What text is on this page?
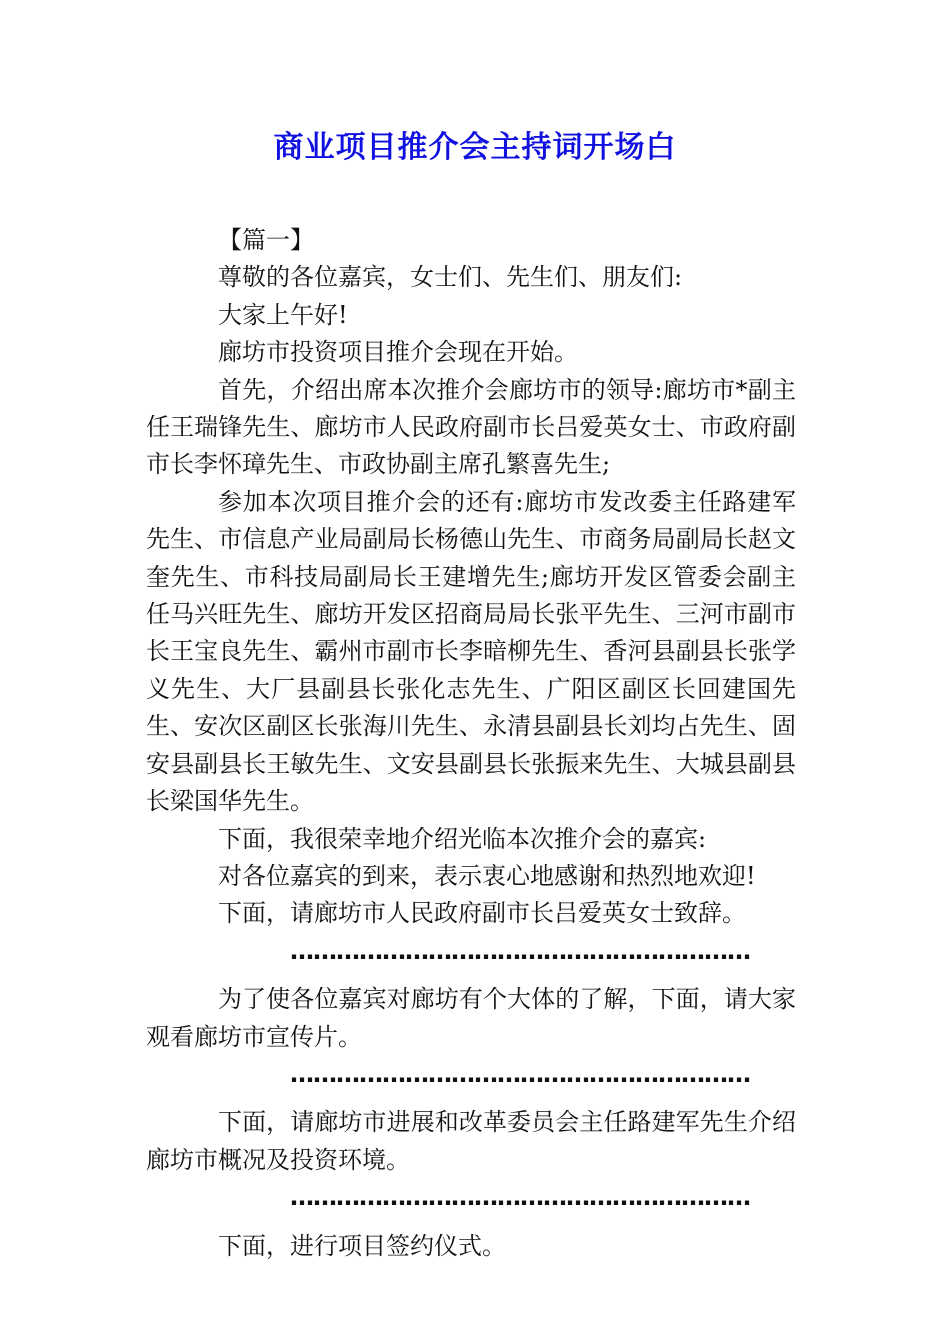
商业项目推介会主持词开场白

【篇一】

尊敬的各位嘉宾，女士们、先生们、朋友们:

大家上午好!

廊坊市投资项目推介会现在开始。

首先，介绍出席本次推介会廊坊市的领导:廊坊市*副主任王瑞锋先生、廊坊市人民政府副市长吕爱英女士、市政府副市长李怀璋先生、市政协副主席孔繁喜先生;

参加本次项目推介会的还有:廊坊市发改委主任路建军先生、市信息产业局副局长杨德山先生、市商务局副局长赵文奎先生、市科技局副局长王建增先生;廊坊开发区管委会副主任马兴旺先生、廊坊开发区招商局局长张平先生、三河市副市长王宝良先生、霸州市副市长李暗柳先生、香河县副县长张学义先生、大厂县副县长张化志先生、广阳区副区长回建国先生、安次区副区长张海川先生、永清县副县长刘均占先生、固安县副县长王敏先生、文安县副县长张振来先生、大城县副县长梁国华先生。

下面，我很荣幸地介绍光临本次推介会的嘉宾:

对各位嘉宾的到来，表示衷心地感谢和热烈地欢迎!

下面，请廊坊市人民政府副市长吕爱英女士致辞。

……………………………………………………

为了使各位嘉宾对廊坊有个大体的了解，下面，请大家观看廊坊市宣传片。

……………………………………………………

下面，请廊坊市进展和改革委员会主任路建军先生介绍廊坊市概况及投资环境。

……………………………………………………

下面，进行项目签约仪式。
